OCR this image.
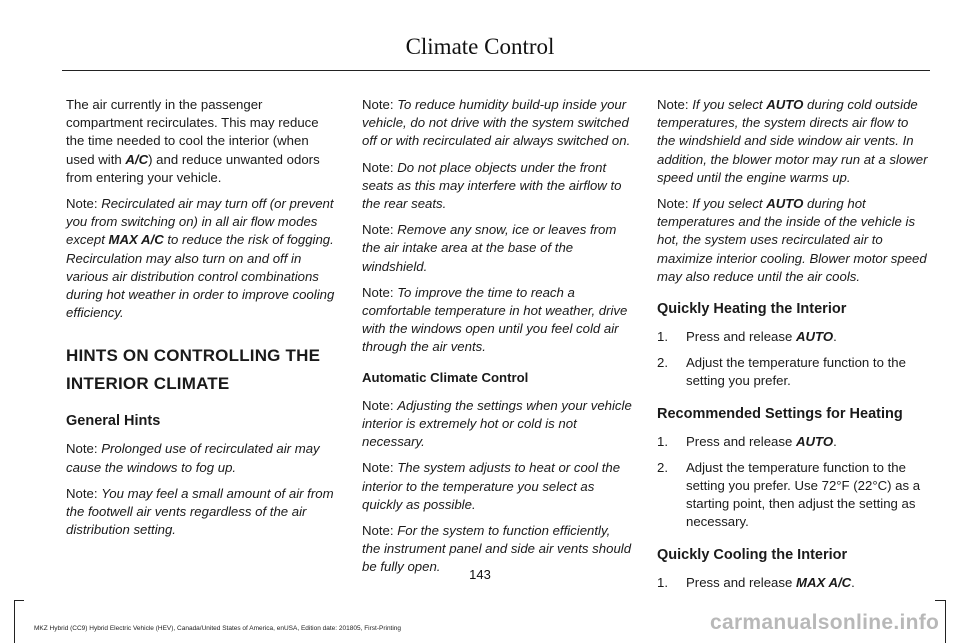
Climate Control

The air currently in the passenger compartment recirculates. This may reduce the time needed to cool the interior (when used with A/C) and reduce unwanted odors from entering your vehicle.

Note: Recirculated air may turn off (or prevent you from switching on) in all air flow modes except MAX A/C to reduce the risk of fogging. Recirculation may also turn on and off in various air distribution control combinations during hot weather in order to improve cooling efficiency.

HINTS ON CONTROLLING THE INTERIOR CLIMATE
General Hints

Note: Prolonged use of recirculated air may cause the windows to fog up.

Note: You may feel a small amount of air from the footwell air vents regardless of the air distribution setting.

Note: To reduce humidity build-up inside your vehicle, do not drive with the system switched off or with recirculated air always switched on.

Note: Do not place objects under the front seats as this may interfere with the airflow to the rear seats.

Note: Remove any snow, ice or leaves from the air intake area at the base of the windshield.

Note: To improve the time to reach a comfortable temperature in hot weather, drive with the windows open until you feel cold air through the air vents.

Automatic Climate Control

Note: Adjusting the settings when your vehicle interior is extremely hot or cold is not necessary.

Note: The system adjusts to heat or cool the interior to the temperature you select as quickly as possible.

Note: For the system to function efficiently, the instrument panel and side air vents should be fully open.

Note: If you select AUTO during cold outside temperatures, the system directs air flow to the windshield and side window air vents. In addition, the blower motor may run at a slower speed until the engine warms up.

Note: If you select AUTO during hot temperatures and the inside of the vehicle is hot, the system uses recirculated air to maximize interior cooling. Blower motor speed may also reduce until the air cools.

Quickly Heating the Interior
1.	Press and release AUTO.
2.	Adjust the temperature function to the setting you prefer.
Recommended Settings for Heating
1.	Press and release AUTO.
2.	Adjust the temperature function to the setting you prefer. Use 72°F (22°C) as a starting point, then adjust the setting as necessary.
Quickly Cooling the Interior
1.	Press and release MAX A/C.
143
MKZ Hybrid (CC9) Hybrid Electric Vehicle (HEV), Canada/United States of America, enUSA, Edition date: 201805, First-Printing	carmanualsonline.info
